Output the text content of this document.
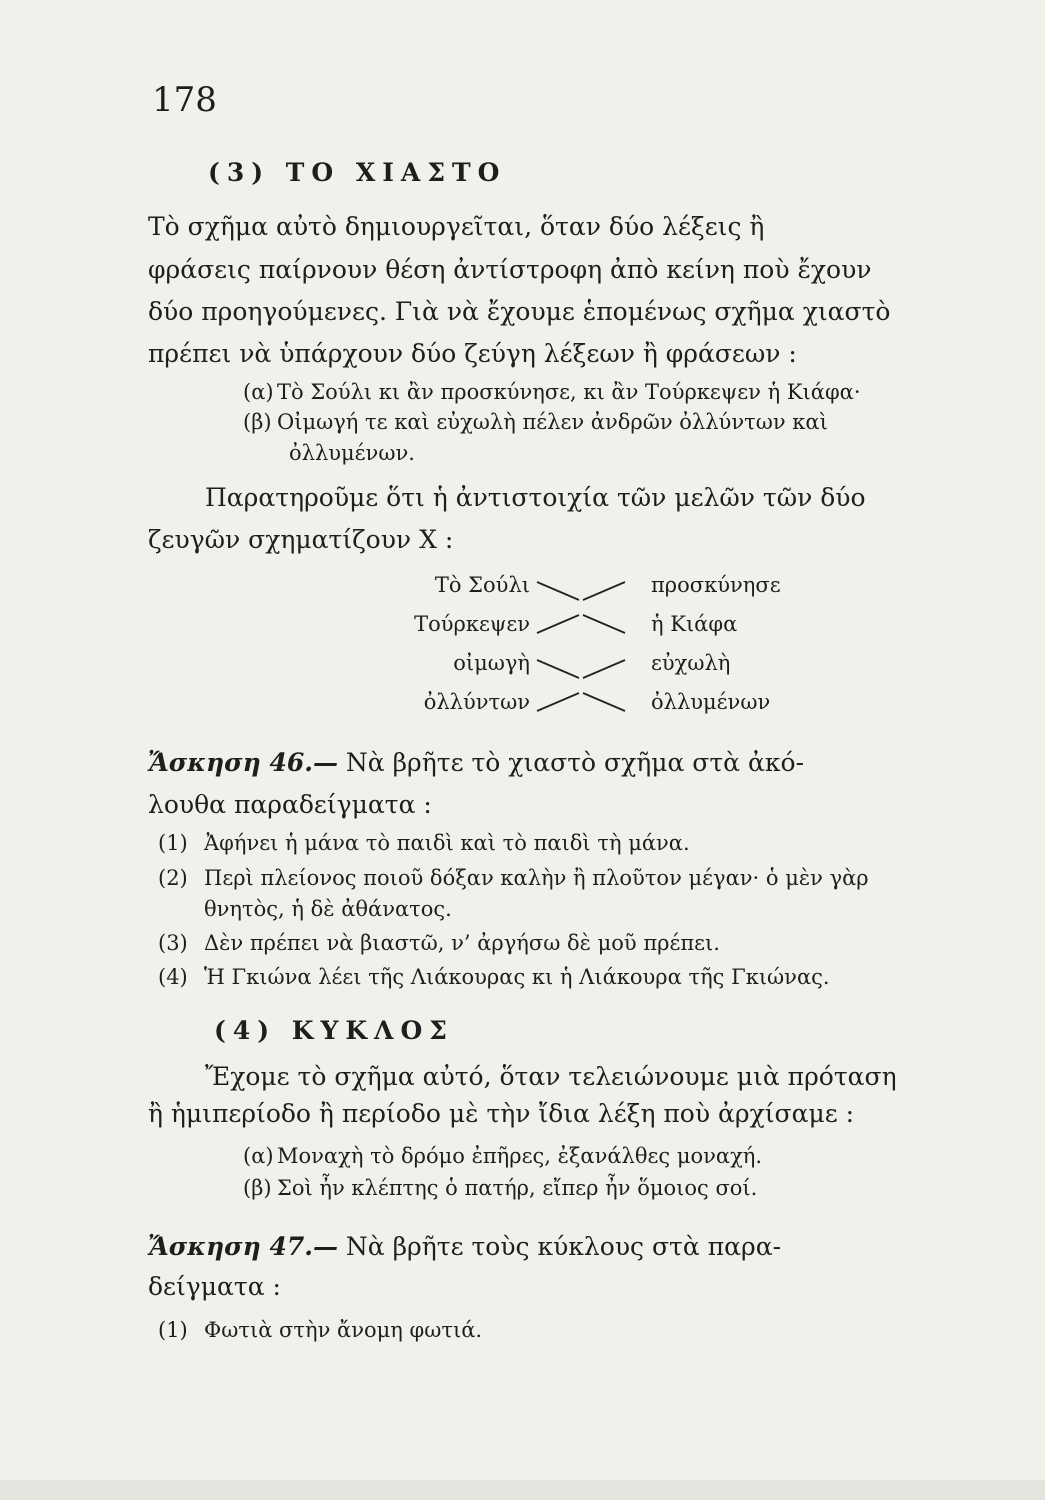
178
(3) ΤΟ ΧΙΑΣΤΟ
Τὸ σχῆμα αὐτὸ δημιουργεῖται, ὅταν δύο λέξεις ἢ
φράσεις παίρνουν θέση ἀντίστροφη ἀπὸ κείνη ποὺ ἔχουν
δύο προηγούμενες. Γιὰ νὰ ἔχουμε ἑπομένως σχῆμα χιαστὸ
πρέπει νὰ ὑπάρχουν δύο ζεύγη λέξεων ἢ φράσεων :
(α) Τὸ Σούλι κι ἂν προσκύνησε, κι ἂν Τούρκεψεν ἡ Κιάφα·
(β) Οἰμωγή τε καὶ εὐχωλὴ πέλεν ἀνδρῶν ὀλλύντων καὶ
ὀλλυμένων.
Παρατηροῦμε ὅτι ἡ ἀντιστοιχία τῶν μελῶν τῶν δύο
ζευγῶν σχηματίζουν Χ :
Τὸ Σούλι	προσκύνησε
Τούρκεψεν	ἡ Κιάφα
οἰμωγὴ	εὐχωλὴ
ὀλλύντων	ὀλλυμένων
Ἄσκηση 46.— Νὰ βρῆτε τὸ χιαστὸ σχῆμα στὰ ἀκό-
λουθα παραδείγματα :
(1) Ἀφήνει ἡ μάνα τὸ παιδὶ καὶ τὸ παιδὶ τὴ μάνα.
(2) Περὶ πλείονος ποιοῦ δόξαν καλὴν ἢ πλοῦτον μέγαν· ὁ μὲν γὰρ
θνητὸς, ἡ δὲ ἀθάνατος.
(3) Δὲν πρέπει νὰ βιαστῶ, ν’ ἀργήσω δὲ μοῦ πρέπει.
(4) Ἡ Γκιώνα λέει τῆς Λιάκουρας κι ἡ Λιάκουρα τῆς Γκιώνας.
(4) ΚΥΚΛΟΣ
Ἔχομε τὸ σχῆμα αὐτό, ὅταν τελειώνουμε μιὰ πρόταση
ἢ ἡμιπερίοδο ἢ περίοδο μὲ τὴν ἴδια λέξη ποὺ ἀρχίσαμε :
(α) Μοναχὴ τὸ δρόμο ἐπῆρες, ἐξανάλθες μοναχή.
(β) Σοὶ ἦν κλέπτης ὁ πατήρ, εἴπερ ἦν ὅμοιος σοί.
Ἄσκηση 47.— Νὰ βρῆτε τοὺς κύκλους στὰ παρα-
δείγματα :
(1) Φωτιὰ στὴν ἄνομη φωτιά.
